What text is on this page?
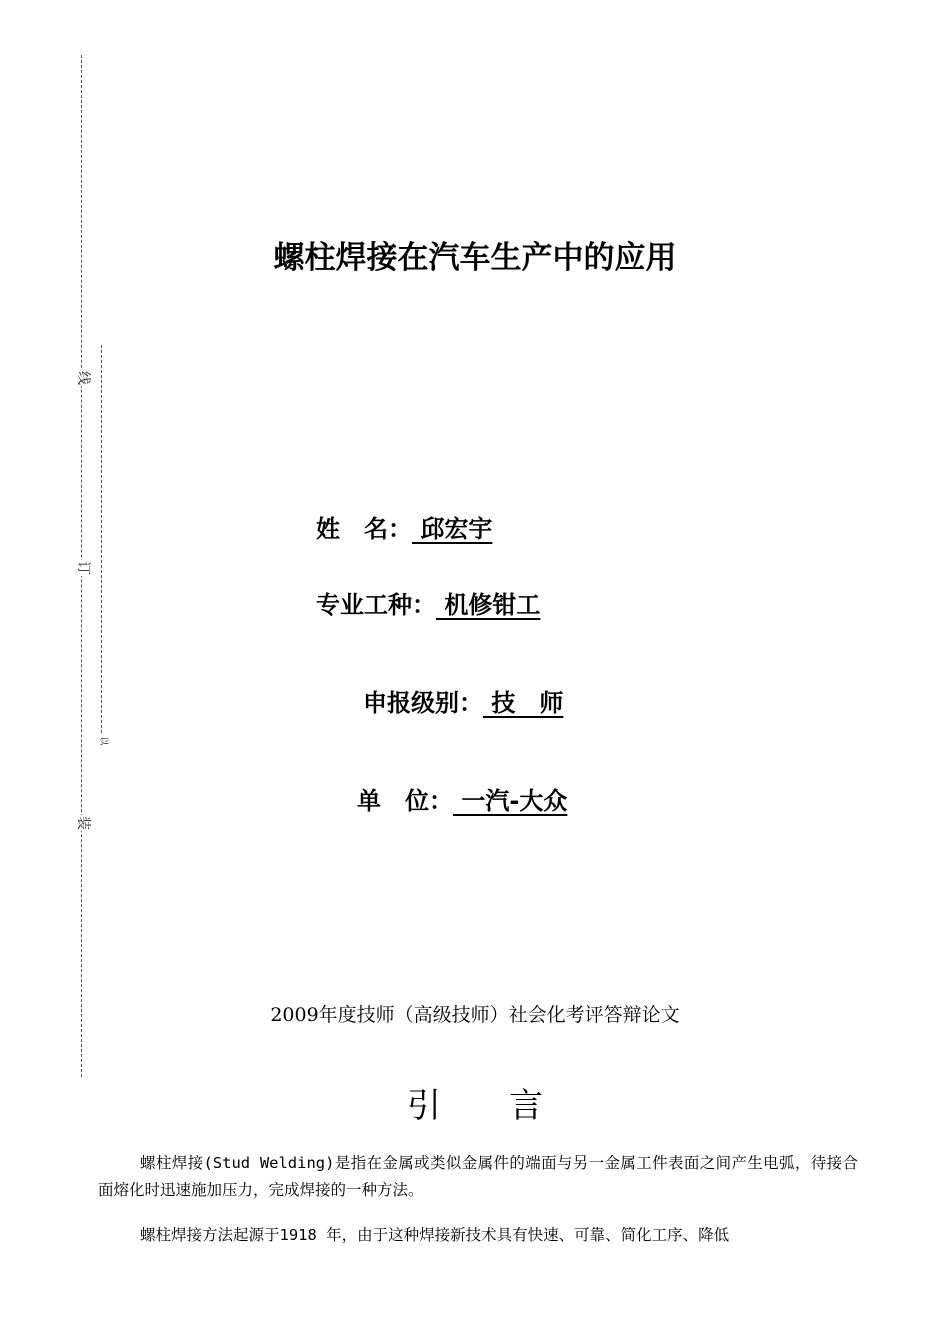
线
订
装
以
螺柱焊接在汽车生产中的应用
姓　名： 邱宏宇
专业工种： 机修钳工
申报级别： 技　师
单　位： 一汽-大众
2009年度技师（高级技师）社会化考评答辩论文
引　　言
螺柱焊接(Stud Welding)是指在金属或类似金属件的端面与另一金属工件表面之间产生电弧，待接合面熔化时迅速施加压力，完成焊接的一种方法。
螺柱焊接方法起源于1918 年，由于这种焊接新技术具有快速、可靠、简化工序、降低
